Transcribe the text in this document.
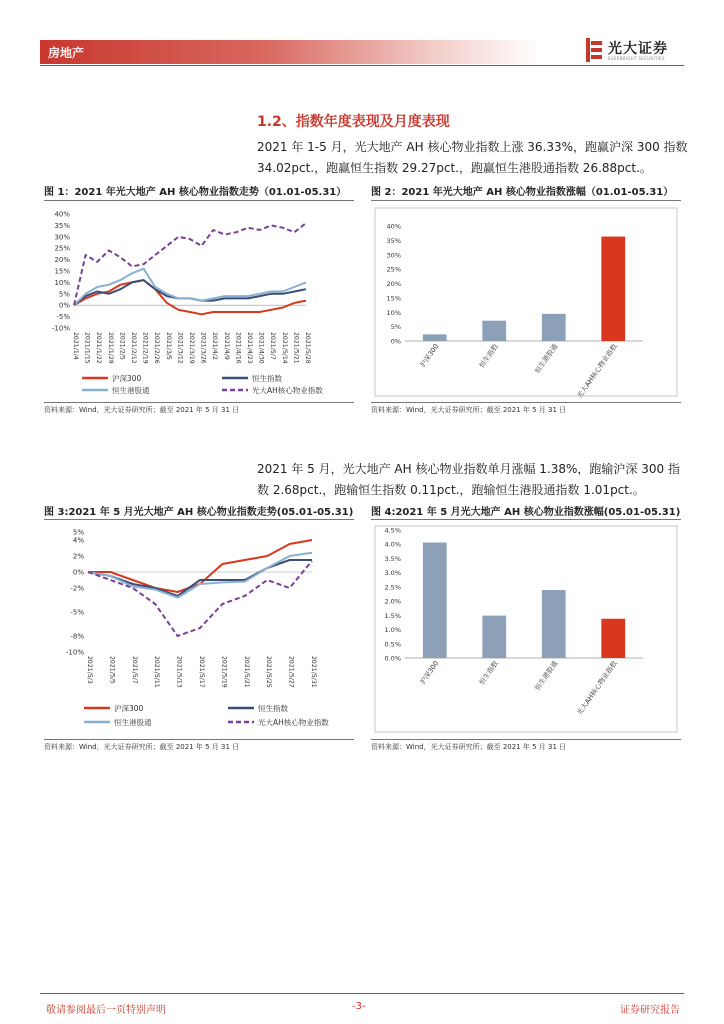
房地产	光大证券
EVERBRIGHT SECURITIES
1.2、指数年度表现及月度表现

2021 年 1-5 月，光大地产 AH 核心物业指数上涨 36.33%，跑赢沪深 300 指数 34.02pct.，跑赢恒生指数 29.27pct.，跑赢恒生港股通指数 26.88pct.。

图 1：2021 年光大地产 AH 核心物业指数走势（01.01-05.31）
40%
35%
30%
25%
20%
15%
10%
5%
0%
-5%
-10%
2021/1/4 2021/1/15 2021/1/22 2021/1/29 2021/2/5 2021/2/12 2021/2/19 2021/2/26 2021/3/5 2021/3/12 2021/3/19 2021/3/26 2021/4/2 2021/4/9 2021/4/16 2021/4/23 2021/4/30 2021/5/7 2021/5/14 2021/5/21 2021/5/28
沪深300	恒生指数
恒生港股通	光大AH核心物业指数
资料来源：Wind，光大证券研究所；截至 2021 年 5 月 31 日
图 2：2021 年光大地产 AH 核心物业指数涨幅（01.01-05.31）
40%
35%
30%
25%
20%
15%
10%
5%
0%
沪深300	恒生指数	恒生港股通 光大AH核心物业指数
资料来源：Wind，光大证券研究所；截至 2021 年 5 月 31 日

2021 年 5 月，光大地产 AH 核心物业指数单月涨幅 1.38%，跑输沪深 300 指数 2.68pct.，跑输恒生指数 0.11pct.，跑输恒生港股通指数 1.01pct.。

图 3:2021 年 5 月光大地产 AH 核心物业指数走势(05.01-05.31)
5%
4%
2%
0%
-2%
-5%
-8%
-10%
2021/5/3 2021/5/5 2021/5/7 2021/5/11 2021/5/13 2021/5/17 2021/5/19 2021/5/21 2021/5/25 2021/5/27 2021/5/31
沪深300	恒生指数
恒生港股通	光大AH核心物业指数
资料来源：Wind，光大证券研究所；截至 2021 年 5 月 31 日
图 4:2021 年 5 月光大地产 AH 核心物业指数涨幅(05.01-05.31)
4.5%
4.0%
3.5%
3.0%
2.5%
2.0%
1.5%
1.0%
0.5%
0.0%
沪深300	恒生指数	恒生港股通 光大AH核心物业指数
资料来源：Wind，光大证券研究所；截至 2021 年 5 月 31 日
敬请参阅最后一页特别声明	-3-	证券研究报告
